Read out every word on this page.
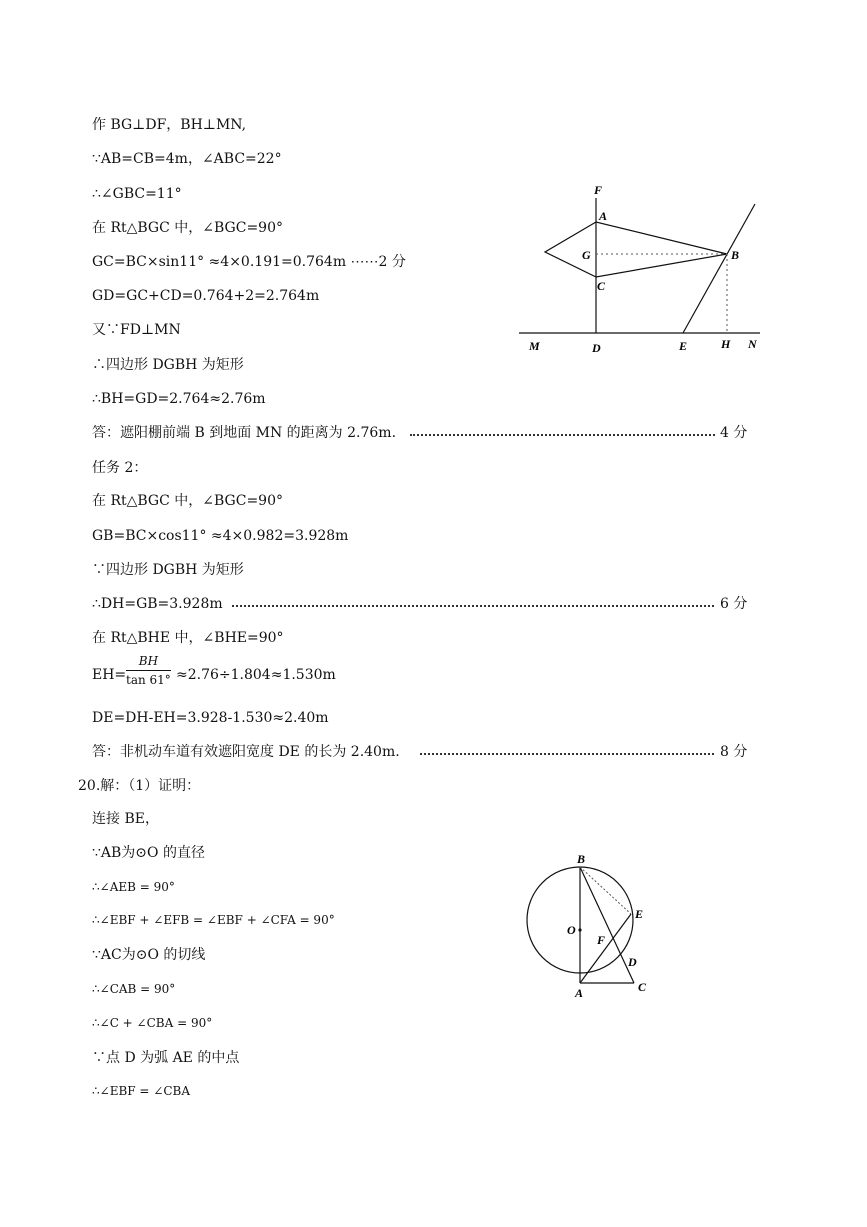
作 BG⊥DF，BH⊥MN,
∵AB=CB=4m，∠ABC=22°
∴∠GBC=11°
在 Rt△BGC 中，∠BGC=90°
GC=BC×sin11° ≈4×0.191=0.764m ⋯⋯2 分
GD=GC+CD=0.764+2=2.764m
又∵FD⊥MN
∴四边形 DGBH 为矩形
∴BH=GD=2.764≈2.76m
答：遮阳棚前端 B 到地面 MN 的距离为 2.76m.	4 分
任务 2：
在 Rt△BGC 中，∠BGC=90°
GB=BC×cos11° ≈4×0.982=3.928m
∵四边形 DGBH 为矩形
∴DH=GB=3.928m	6 分
在 Rt△BHE 中，∠BHE=90°
$EH= \frac{BH}{\tan 61^\circ} \approx 2.76\div 1.804\approx 1.530m$
DE=DH-EH=3.928-1.530≈2.40m
答：非机动车道有效遮阳宽度 DE 的长为 2.40m.	8 分
20.解：（1）证明：
连接 BE，
∵AB为⊙O 的直径
∴∠AEB = 90°
∴∠EBF + ∠EFB = ∠EBF + ∠CFA = 90°
∵AC为⊙O 的切线
∴∠CAB = 90°
∴∠C + ∠CBA = 90°
∵点 D 为弧 AE 的中点
∴∠EBF = ∠CBA
F
A
G	B
C
M	D	E	H N
B
E
O
F
D
A	C
